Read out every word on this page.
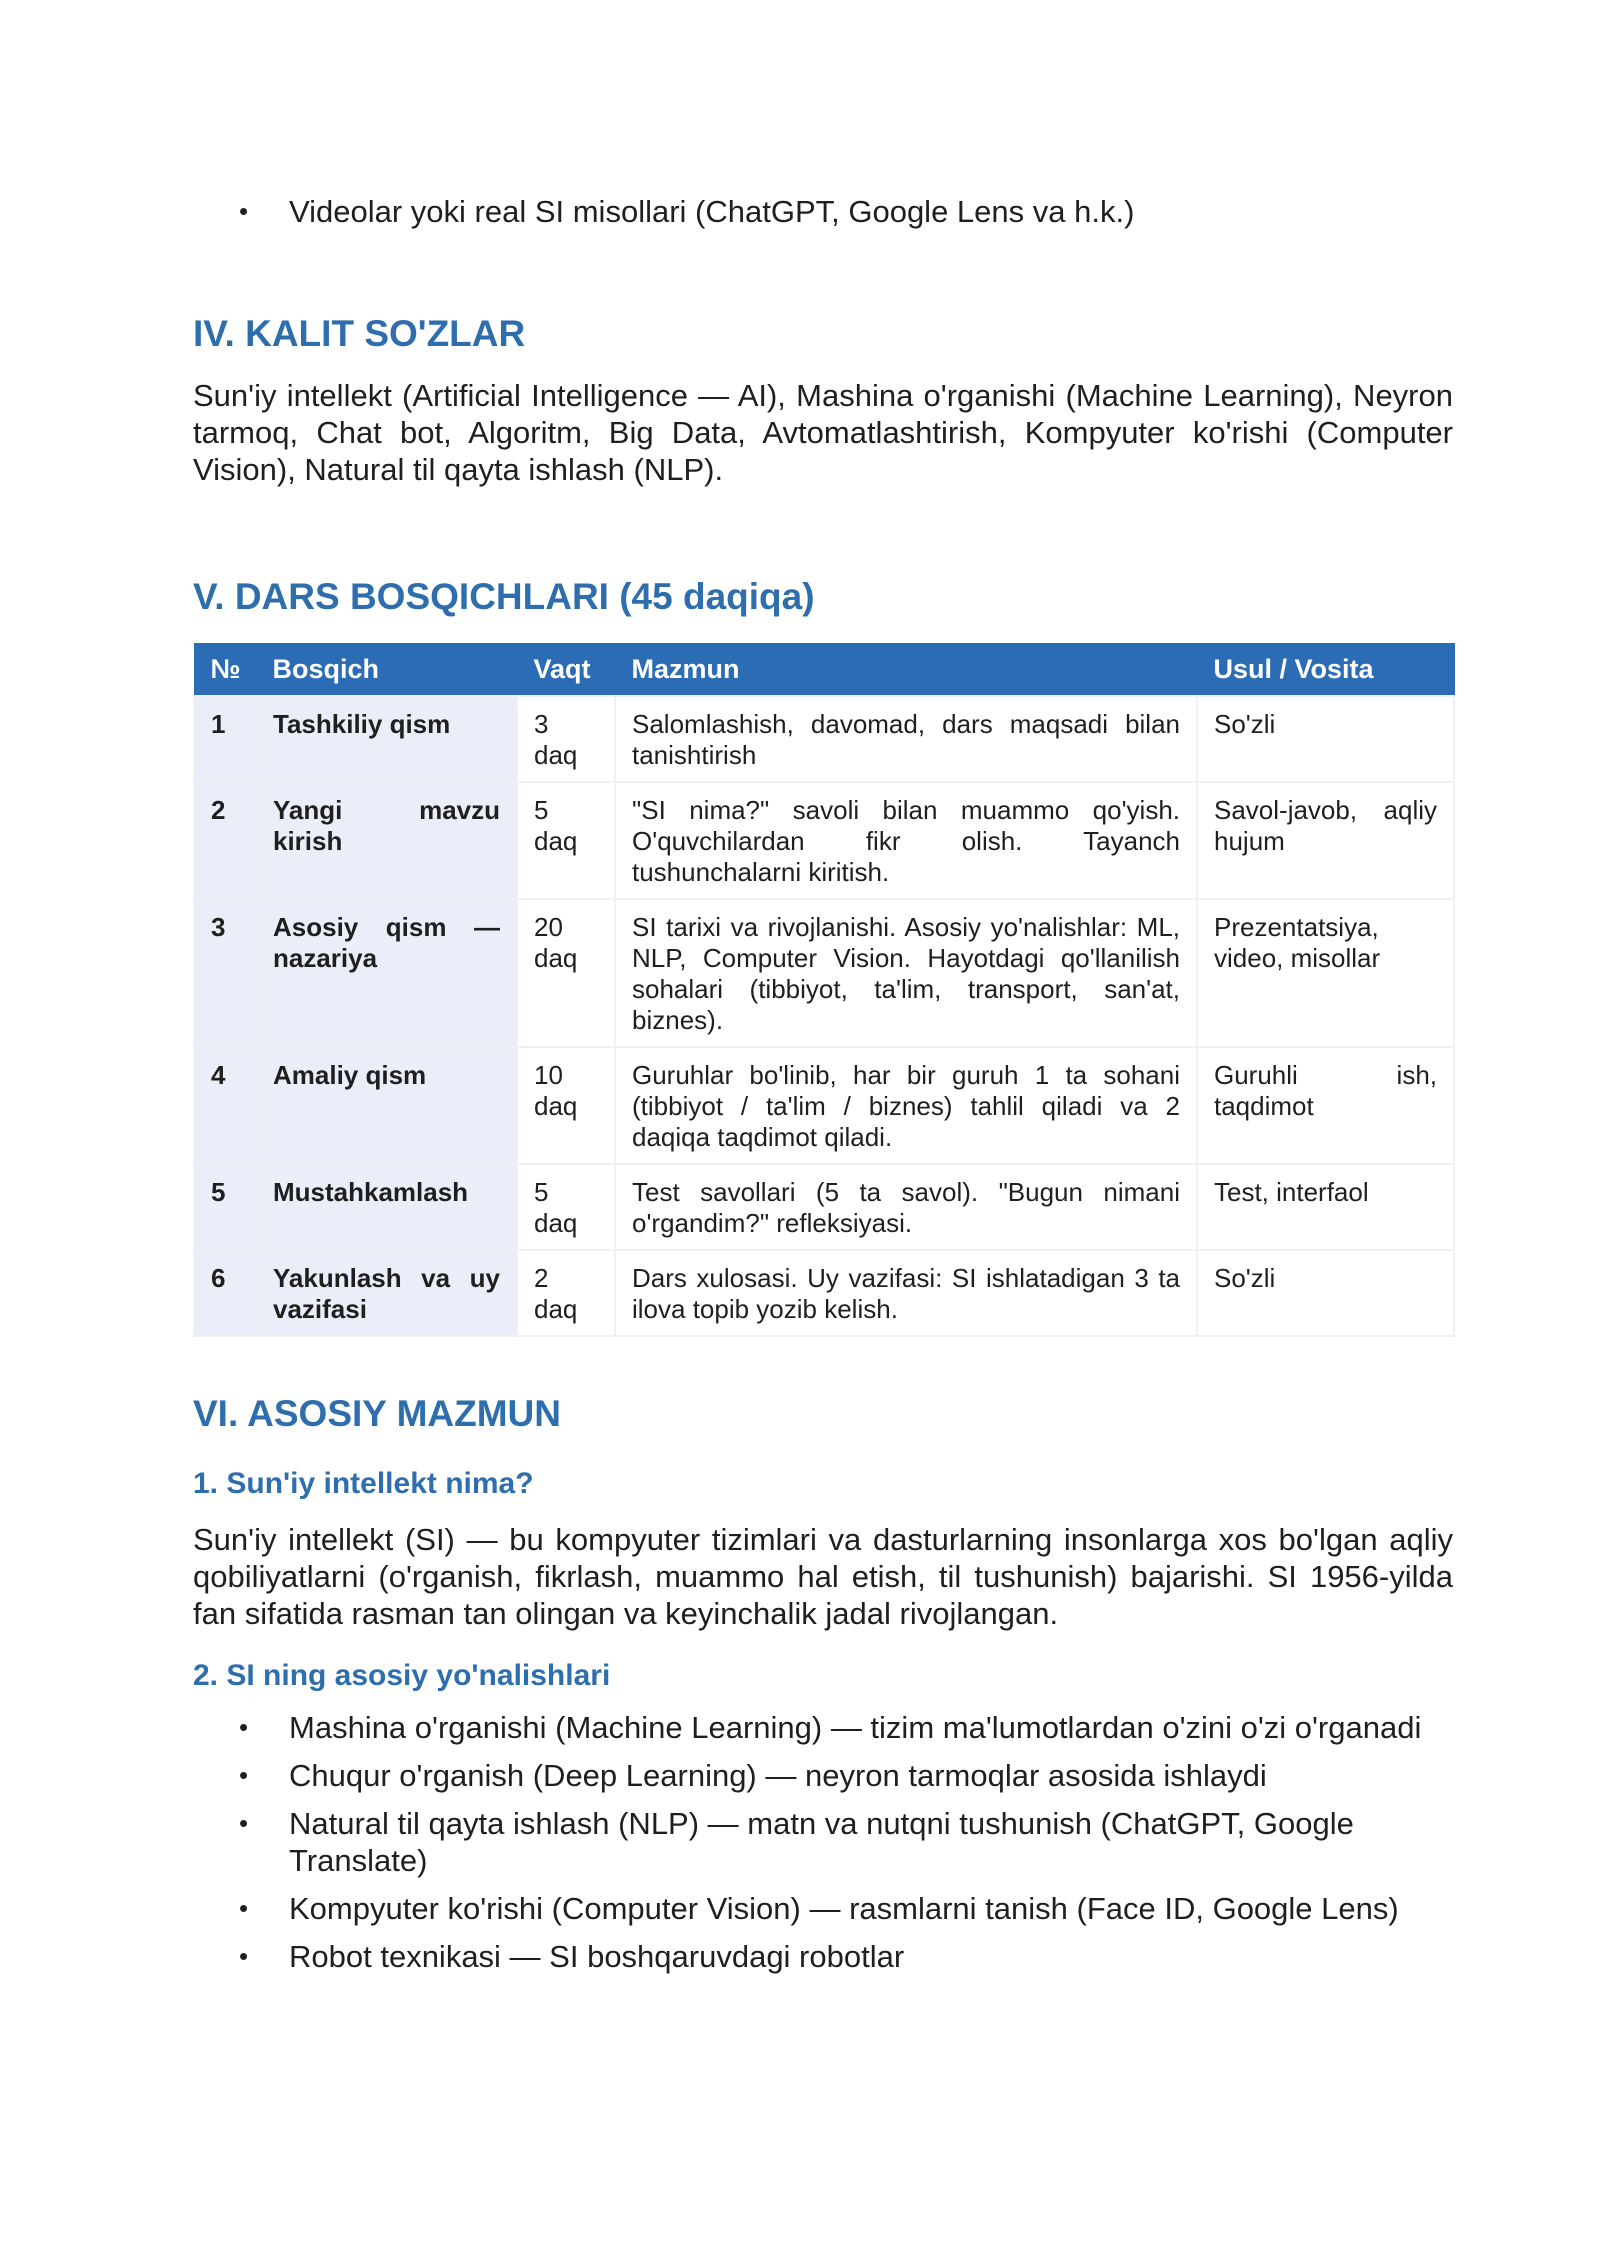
• Videolar yoki real SI misollari (ChatGPT, Google Lens va h.k.)
IV. KALIT SO'ZLAR

Sun'iy intellekt (Artificial Intelligence — AI), Mashina o'rganishi (Machine Learning), Neyron tarmoq, Chat bot, Algoritm, Big Data, Avtomatlashtirish, Kompyuter ko'rishi (Computer Vision), Natural til qayta ishlash (NLP).

V. DARS BOSQICHLARI (45 daqiqa)
№	Bosqich	Vaqt	Mazmun	Usul / Vosita
1	Tashkiliy qism	3 daq	Salomlashish, davomad, dars maqsadi bilan tanishtirish	So'zli
2	Yangi mavzu kirish	5 daq	"SI nima?" savoli bilan muammo qo'yish. O'quvchilardan fikr olish. Tayanch tushunchalarni kiritish.	Savol-javob, aqliy hujum
3	Asosiy qism — nazariya	20 daq	SI tarixi va rivojlanishi. Asosiy yo'nalishlar: ML, NLP, Computer Vision. Hayotdagi qo'llanilish sohalari (tibbiyot, ta'lim, transport, san'at, biznes).	Prezentatsiya, video, misollar
4	Amaliy qism	10 daq	Guruhlar bo'linib, har bir guruh 1 ta sohani (tibbiyot / ta'lim / biznes) tahlil qiladi va 2 daqiqa taqdimot qiladi.	Guruhli ish, taqdimot
5	Mustahkamlash	5 daq	Test savollari (5 ta savol). "Bugun nimani o'rgandim?" refleksiyasi.	Test, interfaol
6	Yakunlash va uy vazifasi	2 daq	Dars xulosasi. Uy vazifasi: SI ishlatadigan 3 ta ilova topib yozib kelish.	So'zli
VI. ASOSIY MAZMUN
1. Sun'iy intellekt nima?

Sun'iy intellekt (SI) — bu kompyuter tizimlari va dasturlarning insonlarga xos bo'lgan aqliy qobiliyatlarni (o'rganish, fikrlash, muammo hal etish, til tushunish) bajarishi. SI 1956-yilda fan sifatida rasman tan olingan va keyinchalik jadal rivojlangan.

2. SI ning asosiy yo'nalishlari
• Mashina o'rganishi (Machine Learning) — tizim ma'lumotlardan o'zini o'zi o'rganadi
• Chuqur o'rganish (Deep Learning) — neyron tarmoqlar asosida ishlaydi
• Natural til qayta ishlash (NLP) — matn va nutqni tushunish (ChatGPT, Google Translate)
• Kompyuter ko'rishi (Computer Vision) — rasmlarni tanish (Face ID, Google Lens)
• Robot texnikasi — SI boshqaruvdagi robotlar
